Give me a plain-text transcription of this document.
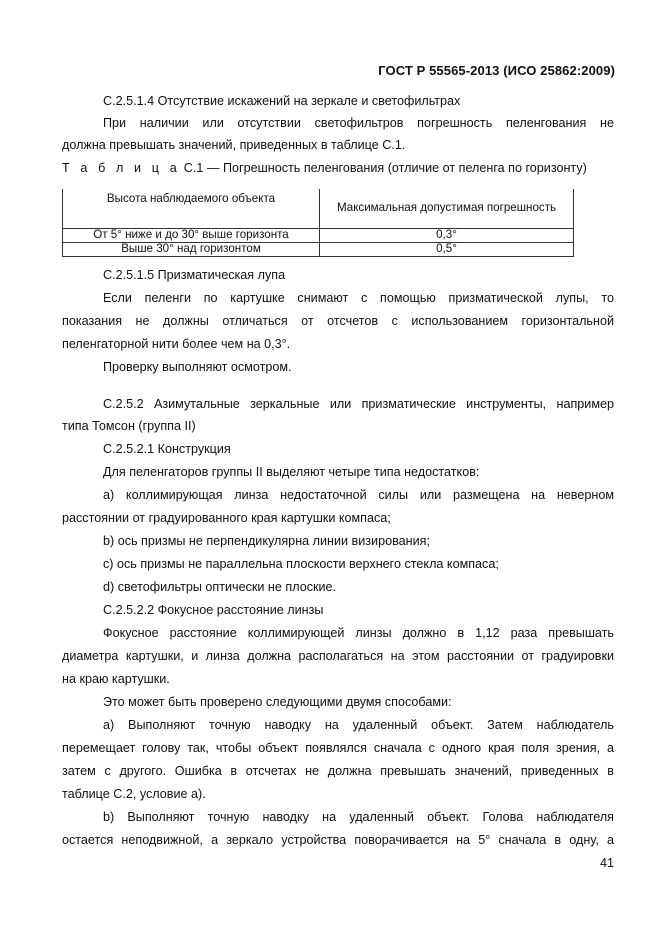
ГОСТ Р 55565-2013 (ИСО 25862:2009)
С.2.5.1.4 Отсутствие искажений на зеркале и светофильтрах
При наличии или отсутствии светофильтров погрешность пеленгования не
должна превышать значений, приведенных в таблице С.1.
Т а б л и ц а С.1 — Погрешность пеленгования (отличие от пеленга по горизонту)
Высота наблюдаемого объекта	Максимальная допустимая погрешность
От 5° ниже и до 30° выше горизонта	0,3°
Выше 30° над горизонтом	0,5°
С.2.5.1.5 Призматическая лупа
Если пеленги по картушке снимают с помощью призматической лупы, то
показания не должны отличаться от отсчетов с использованием горизонтальной
пеленгаторной нити более чем на 0,3°.
Проверку выполняют осмотром.
С.2.5.2 Азимутальные зеркальные или призматические инструменты, например
типа Томсон (группа II)
С.2.5.2.1 Конструкция
Для пеленгаторов группы II выделяют четыре типа недостатков:
a) коллимирующая линза недостаточной силы или размещена на неверном
расстоянии от градуированного края картушки компаса;
b) ось призмы не перпендикулярна линии визирования;
c) ось призмы не параллельна плоскости верхнего стекла компаса;
d) светофильтры оптически не плоские.
С.2.5.2.2 Фокусное расстояние линзы
Фокусное расстояние коллимирующей линзы должно в 1,12 раза превышать
диаметра картушки, и линза должна располагаться на этом расстоянии от градуировки
на краю картушки.
Это может быть проверено следующими двумя способами:
а) Выполняют точную наводку на удаленный объект. Затем наблюдатель
перемещает голову так, чтобы объект появлялся сначала с одного края поля зрения, а
затем с другого. Ошибка в отсчетах не должна превышать значений, приведенных в
таблице С.2, условие а).
b) Выполняют точную наводку на удаленный объект. Голова наблюдателя
остается неподвижной, а зеркало устройства поворачивается на 5° сначала в одну, а
41
